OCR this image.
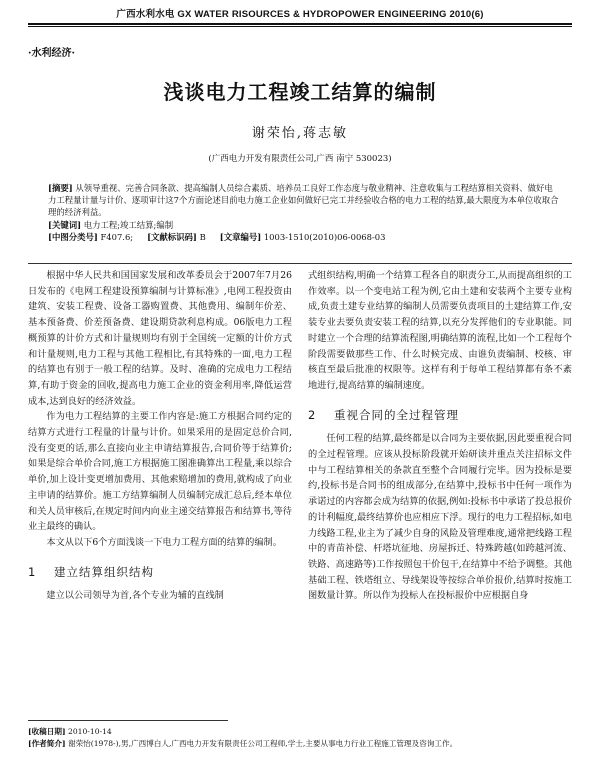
广西水利水电 GX WATER RISOURCES & HYDROPOWER ENGINEERING 2010(6)
·水利经济·
浅谈电力工程竣工结算的编制
谢荣怡,蒋志敏
(广西电力开发有限责任公司,广西 南宁 530023)

[摘要] 从领导重视、完善合同条款、提高编制人员综合素质、培养员工良好工作态度与敬业精神、注意收集与工程结算相关资料、做好电力工程量计量与计价、逐项审计这7个方面论述目前电力施工企业如何做好已完工并经验收合格的电力工程的结算,最大限度为本单位收取合理的经济利益。

[关键词] 电力工程;竣工结算;编制

[中图分类号] F407.6; [文献标识码] B [文章编号] 1003-1510(2010)06-0068-03

根据中华人民共和国国家发展和改革委员会于2007年7月26日发布的《电网工程建设预算编制与计算标准》,电网工程投资由建筑、安装工程费、设备工器购置费、其他费用、编制年价差、基本预备费、价差预备费、建设期贷款利息构成。06版电力工程概预算的计价方式和计量规则均有别于全国统一定额的计价方式和计量规则,电力工程与其他工程相比,有其特殊的一面,电力工程的结算也有别于一般工程的结算。及时、准确的完成电力工程结算,有助于资金的回收,提高电力施工企业的资金利用率,降低运营成本,达到良好的经济效益。

作为电力工程结算的主要工作内容是:施工方根据合同约定的结算方式进行工程量的计量与计价。如果采用的是固定总价合同,没有变更的话,那么直接向业主申请结算报告,合同价等于结算价;如果是综合单价合同,施工方根据施工图准确算出工程量,乘以综合单价,加上设计变更增加费用、其他索赔增加的费用,就构成了向业主申请的结算价。施工方结算编制人员编制完成汇总后,经本单位和关人员审核后,在规定时间内向业主递交结算报告和结算书,等待业主最终的确认。

本文从以下6个方面浅谈一下电力工程方面的结算的编制。

1 建立结算组织结构

建立以公司领导为首,各个专业为辅的直线制

式组织结构,明确一个结算工程各自的职责分工,从而提高组织的工作效率。以一个变电站工程为例,它由土建和安装两个主要专业构成,负责土建专业结算的编制人员需要负责项目的土建结算工作,安装专业去要负责安装工程的结算,以充分发挥他们的专业职能。同时建立一个合理的结算流程图,明确结算的流程,比如一个工程每个阶段需要做那些工作、什么时候完成、由谁负责编制、校核、审核直至最后批准的权限等。这样有利于每单工程结算都有条不紊地进行,提高结算的编制速度。

2 重视合同的全过程管理

任何工程的结算,最终都是以合同为主要依据,因此要重视合同的全过程管理。应该从投标阶段就开始研读并重点关注招标文件中与工程结算相关的条款直至整个合同履行完毕。因为投标是要约,投标书是合同书的组成部分,在结算中,投标书中任何一项作为承诺过的内容都会成为结算的依据,例如:投标书中承诺了投总报价的计利幅度,最终结算价也应相应下浮。现行的电力工程招标,如电力线路工程,业主为了减少自身的风险及管理难度,通常把线路工程中的青苗补偿、杆塔坑征地、房屋拆迁、特殊跨越(如跨越河流、铁路、高速路等)工作按照包干价包干,在结算中不给予调整。其他基础工程、铁塔组立、导线架设等按综合单价报价,结算时按施工图数量计算。所以作为投标人在投标报价中应根据自身

[收稿日期] 2010-10-14

[作者简介] 谢荣怡(1978-),男,广西博白人,广西电力开发有限责任公司工程师,学士,主要从事电力行业工程施工管理及咨询工作。
